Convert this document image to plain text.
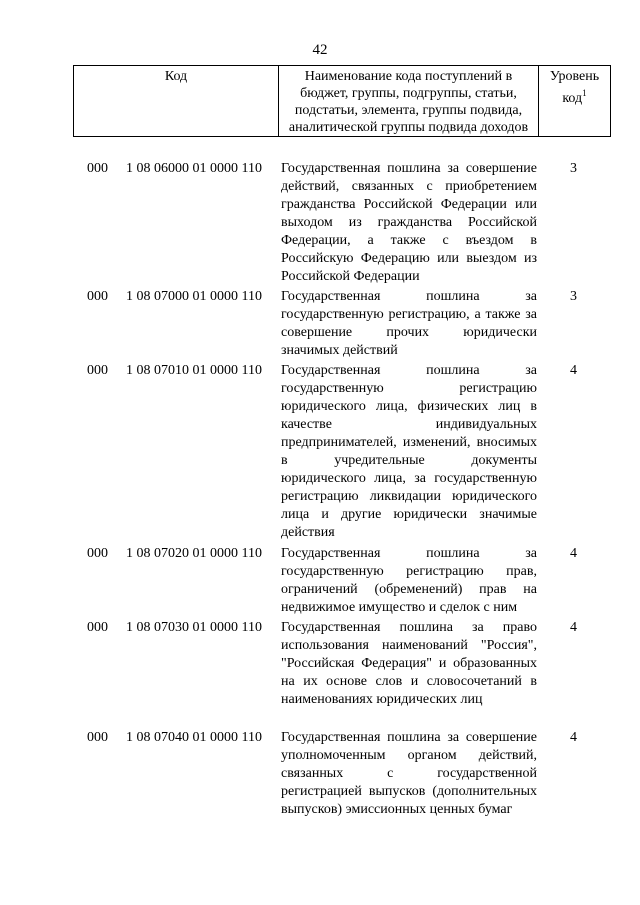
42
Код	Наименование кода поступлений в бюджет, группы, подгруппы, статьи, подстатьи, элемента, группы подвида, аналитической группы подвида доходов
Уровень код$^1$
000 1 08 06000 01 0000 110 Государственная пошлина за совершение действий, связанных с приобретением гражданства Российской Федерации или выходом из гражданства Российской Федерации, а также с въездом в Российскую Федерацию или выездом из Российской Федерации
3
000 1 08 07000 01 0000 110 Государственная пошлина за государственную регистрацию, а также за совершение прочих юридически значимых действий
3
000 1 08 07010 01 0000 110 Государственная пошлина за государственную регистрацию юридического лица, физических лиц в качестве индивидуальных предпринимателей, изменений, вносимых в учредительные документы юридического лица, за государственную регистрацию ликвидации юридического лица и другие юридически значимые действия
4
000 1 08 07020 01 0000 110 Государственная пошлина за государственную регистрацию прав, ограничений (обременений) прав на недвижимое имущество и сделок с ним
4
000 1 08 07030 01 0000 110 Государственная пошлина за право использования наименований "Россия", "Российская Федерация" и образованных на их основе слов и словосочетаний в наименованиях юридических лиц
4
000 1 08 07040 01 0000 110 Государственная пошлина за совершение уполномоченным органом действий, связанных с государственной регистрацией выпусков (дополнительных выпусков) эмиссионных ценных бумаг
4
